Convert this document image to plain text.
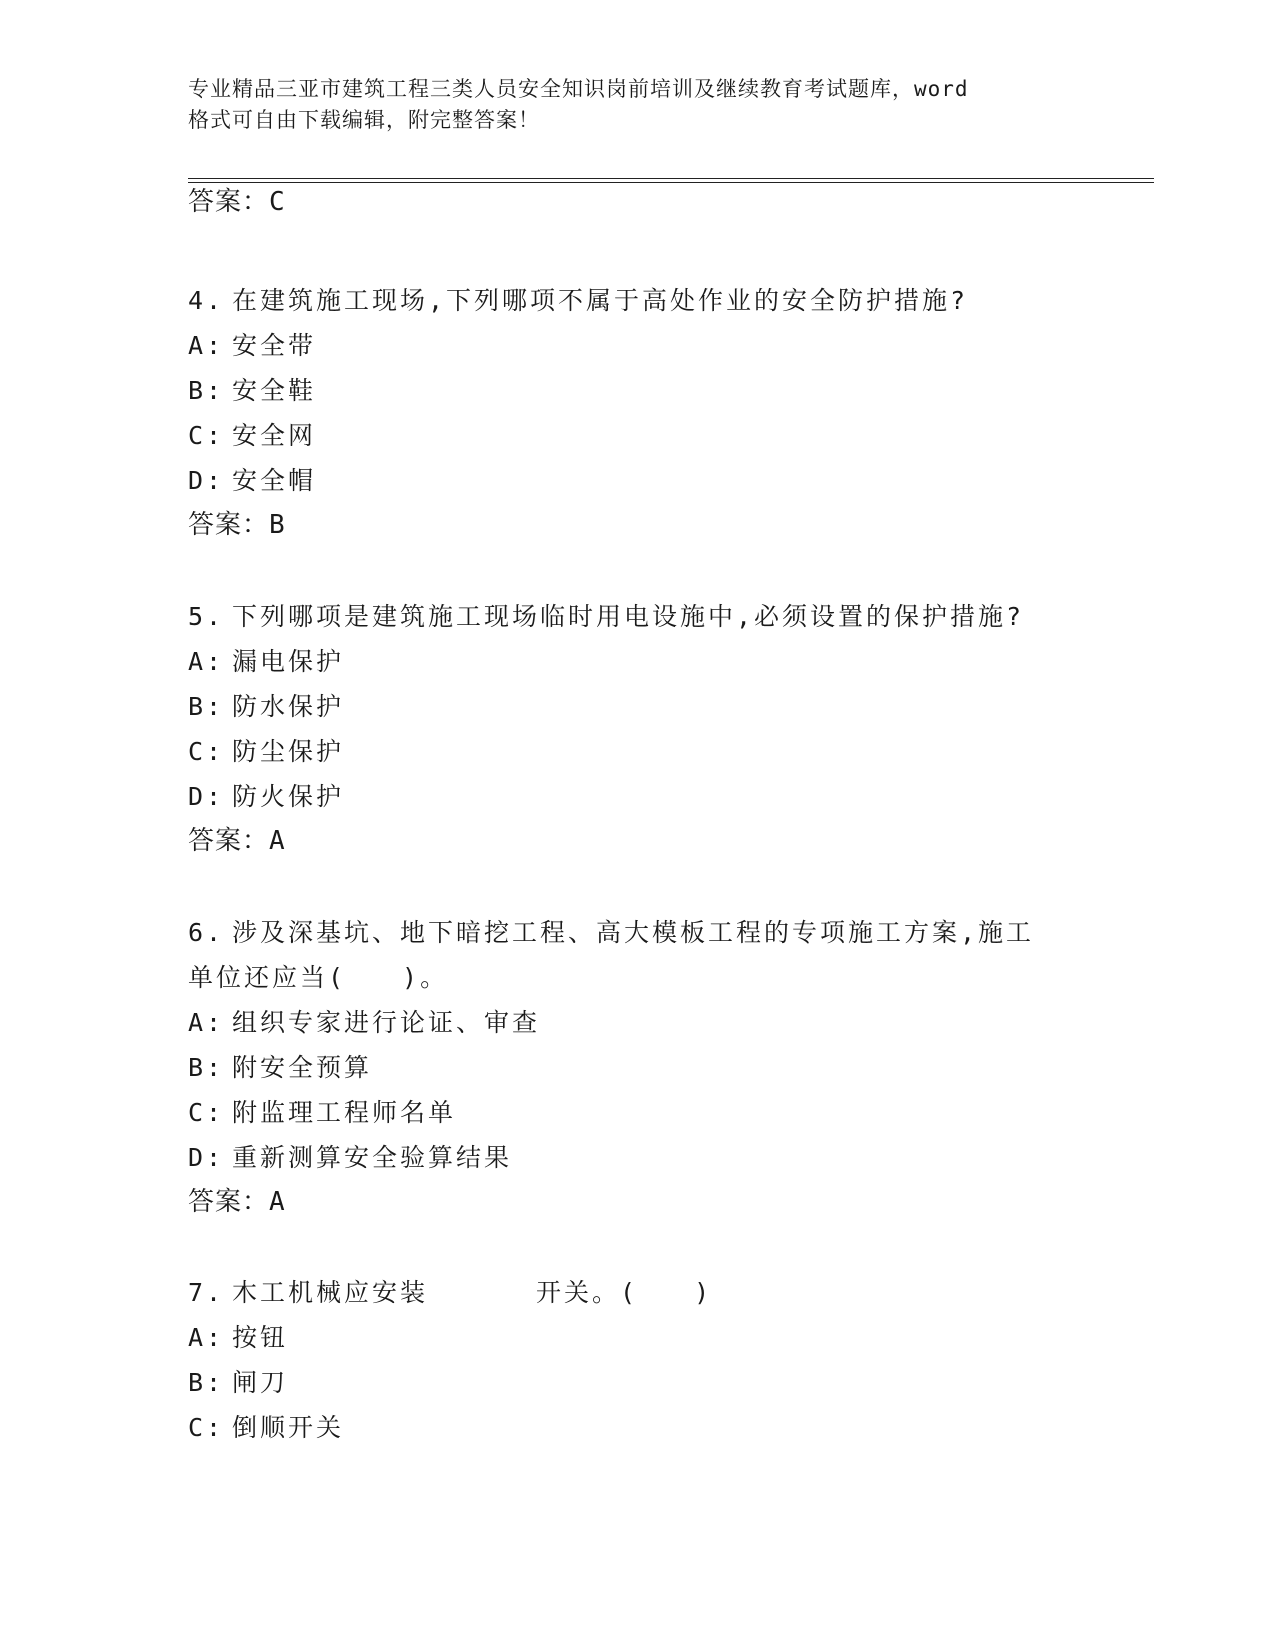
专业精品三亚市建筑工程三类人员安全知识岗前培训及继续教育考试题库，word
格式可自由下载编辑，附完整答案！
答案：C
4. 在建筑施工现场,下列哪项不属于高处作业的安全防护措施?
A: 安全带
B: 安全鞋
C: 安全网
D: 安全帽
答案：B
5. 下列哪项是建筑施工现场临时用电设施中,必须设置的保护措施?
A: 漏电保护
B: 防水保护
C: 防尘保护
D: 防火保护
答案：A
6. 涉及深基坑、地下暗挖工程、高大模板工程的专项施工方案,施工
单位还应当(　　)。
A: 组织专家进行论证、审查
B: 附安全预算
C: 附监理工程师名单
D: 重新测算安全验算结果
答案：A
7. 木工机械应安装	开关。(　　)
A: 按钮
B: 闸刀
C: 倒顺开关
